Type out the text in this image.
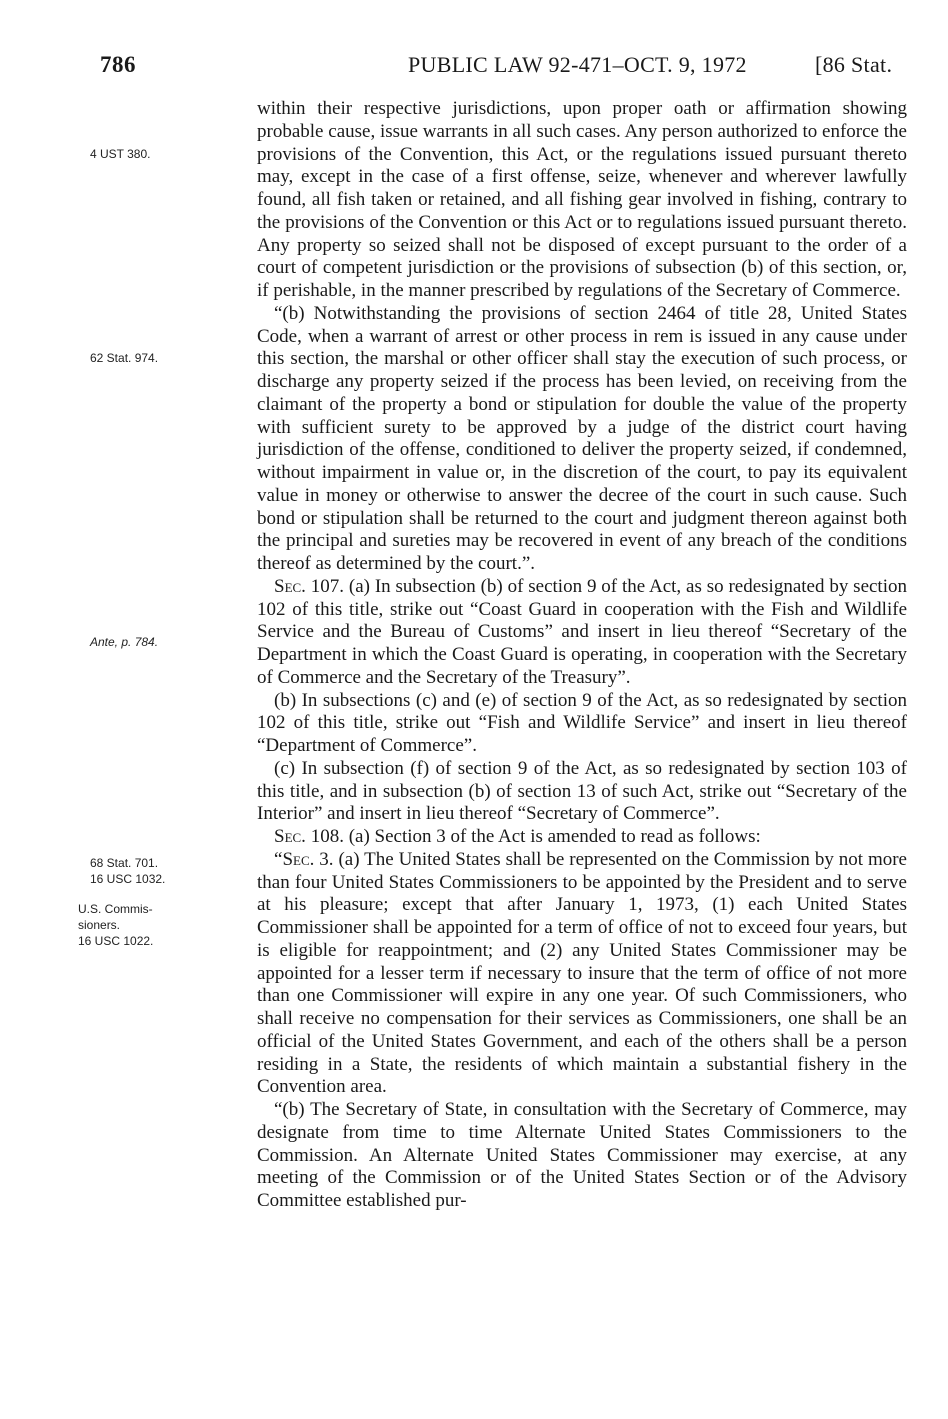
786	PUBLIC LAW 92-471–OCT. 9, 1972	[86 Stat.
4 UST 380.
62 Stat. 974.
Ante, p. 784.
68 Stat. 701.
16 USC 1032.
U.S. Commis-
sioners.
16 USC 1022.

within their respective jurisdictions, upon proper oath or affirmation showing probable cause, issue warrants in all such cases. Any person authorized to enforce the provisions of the Convention, this Act, or the regulations issued pursuant thereto may, except in the case of a first offense, seize, whenever and wherever lawfully found, all fish taken or retained, and all fishing gear involved in fishing, contrary to the provisions of the Convention or this Act or to regulations issued pursuant thereto. Any property so seized shall not be disposed of except pursuant to the order of a court of competent jurisdiction or the provisions of subsection (b) of this section, or, if perishable, in the manner prescribed by regulations of the Secretary of Commerce.

“(b) Notwithstanding the provisions of section 2464 of title 28, United States Code, when a warrant of arrest or other process in rem is issued in any cause under this section, the marshal or other officer shall stay the execution of such process, or discharge any property seized if the process has been levied, on receiving from the claimant of the property a bond or stipulation for double the value of the property with sufficient surety to be approved by a judge of the district court having jurisdiction of the offense, conditioned to deliver the property seized, if condemned, without impairment in value or, in the discretion of the court, to pay its equivalent value in money or otherwise to answer the decree of the court in such cause. Such bond or stipulation shall be returned to the court and judgment thereon against both the principal and sureties may be recovered in event of any breach of the conditions thereof as determined by the court.”.

Sec. 107. (a) In subsection (b) of section 9 of the Act, as so redesignated by section 102 of this title, strike out “Coast Guard in cooperation with the Fish and Wildlife Service and the Bureau of Customs” and insert in lieu thereof “Secretary of the Department in which the Coast Guard is operating, in cooperation with the Secretary of Commerce and the Secretary of the Treasury”.

(b) In subsections (c) and (e) of section 9 of the Act, as so redesignated by section 102 of this title, strike out “Fish and Wildlife Service” and insert in lieu thereof “Department of Commerce”.

(c) In subsection (f) of section 9 of the Act, as so redesignated by section 103 of this title, and in subsection (b) of section 13 of such Act, strike out “Secretary of the Interior” and insert in lieu thereof “Secretary of Commerce”.

Sec. 108. (a) Section 3 of the Act is amended to read as follows:

“Sec. 3. (a) The United States shall be represented on the Commission by not more than four United States Commissioners to be appointed by the President and to serve at his pleasure; except that after January 1, 1973, (1) each United States Commissioner shall be appointed for a term of office of not to exceed four years, but is eligible for reappointment; and (2) any United States Commissioner may be appointed for a lesser term if necessary to insure that the term of office of not more than one Commissioner will expire in any one year. Of such Commissioners, who shall receive no compensation for their services as Commissioners, one shall be an official of the United States Government, and each of the others shall be a person residing in a State, the residents of which maintain a substantial fishery in the Convention area.

“(b) The Secretary of State, in consultation with the Secretary of Commerce, may designate from time to time Alternate United States Commissioners to the Commission. An Alternate United States Commissioner may exercise, at any meeting of the Commission or of the United States Section or of the Advisory Committee established pur-
